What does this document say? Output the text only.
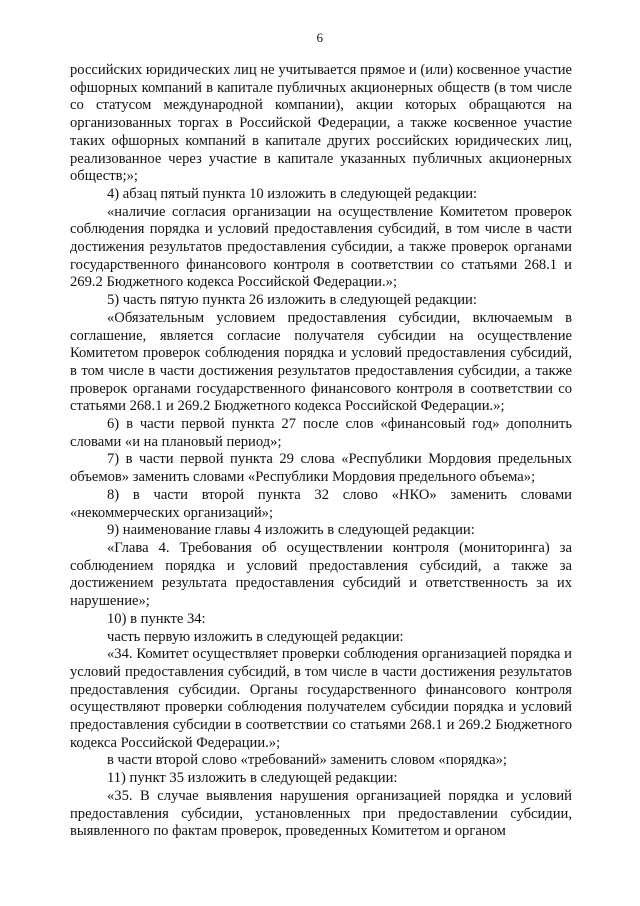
6

российских юридических лиц не учитывается прямое и (или) косвенное участие офшорных компаний в капитале публичных акционерных обществ (в том числе со статусом международной компании), акции которых обращаются на организованных торгах в Российской Федерации, а также косвенное участие таких офшорных компаний в капитале других российских юридических лиц, реализованное через участие в капитале указанных публичных акционерных обществ;»;

4) абзац пятый пункта 10 изложить в следующей редакции:

«наличие согласия организации на осуществление Комитетом проверок соблюдения порядка и условий предоставления субсидий, в том числе в части достижения результатов предоставления субсидии, а также проверок органами государственного финансового контроля в соответствии со статьями 268.1 и 269.2 Бюджетного кодекса Российской Федерации.»;

5) часть пятую пункта 26 изложить в следующей редакции:

«Обязательным условием предоставления субсидии, включаемым в соглашение, является согласие получателя субсидии на осуществление Комитетом проверок соблюдения порядка и условий предоставления субсидий, в том числе в части достижения результатов предоставления субсидии, а также проверок органами государственного финансового контроля в соответствии со статьями 268.1 и 269.2 Бюджетного кодекса Российской Федерации.»;

6) в части первой пункта 27 после слов «финансовый год» дополнить словами «и на плановый период»;

7) в части первой пункта 29 слова «Республики Мордовия предельных объемов» заменить словами «Республики Мордовия предельного объема»;

8) в части второй пункта 32 слово «НКО» заменить словами «некоммерческих организаций»;

9) наименование главы 4 изложить в следующей редакции:

«Глава 4. Требования об осуществлении контроля (мониторинга) за соблюдением порядка и условий предоставления субсидий, а также за достижением результата предоставления субсидий и ответственность за их нарушение»;

10) в пункте 34:

часть первую изложить в следующей редакции:

«34. Комитет осуществляет проверки соблюдения организацией порядка и условий предоставления субсидий, в том числе в части достижения результатов предоставления субсидии. Органы государственного финансового контроля осуществляют проверки соблюдения получателем субсидии порядка и условий предоставления субсидии в соответствии со статьями 268.1 и 269.2 Бюджетного кодекса Российской Федерации.»;

в части второй слово «требований» заменить словом «порядка»;

11) пункт 35 изложить в следующей редакции:

«35. В случае выявления нарушения организацией порядка и условий предоставления субсидии, установленных при предоставлении субсидии, выявленного по фактам проверок, проведенных Комитетом и органом
